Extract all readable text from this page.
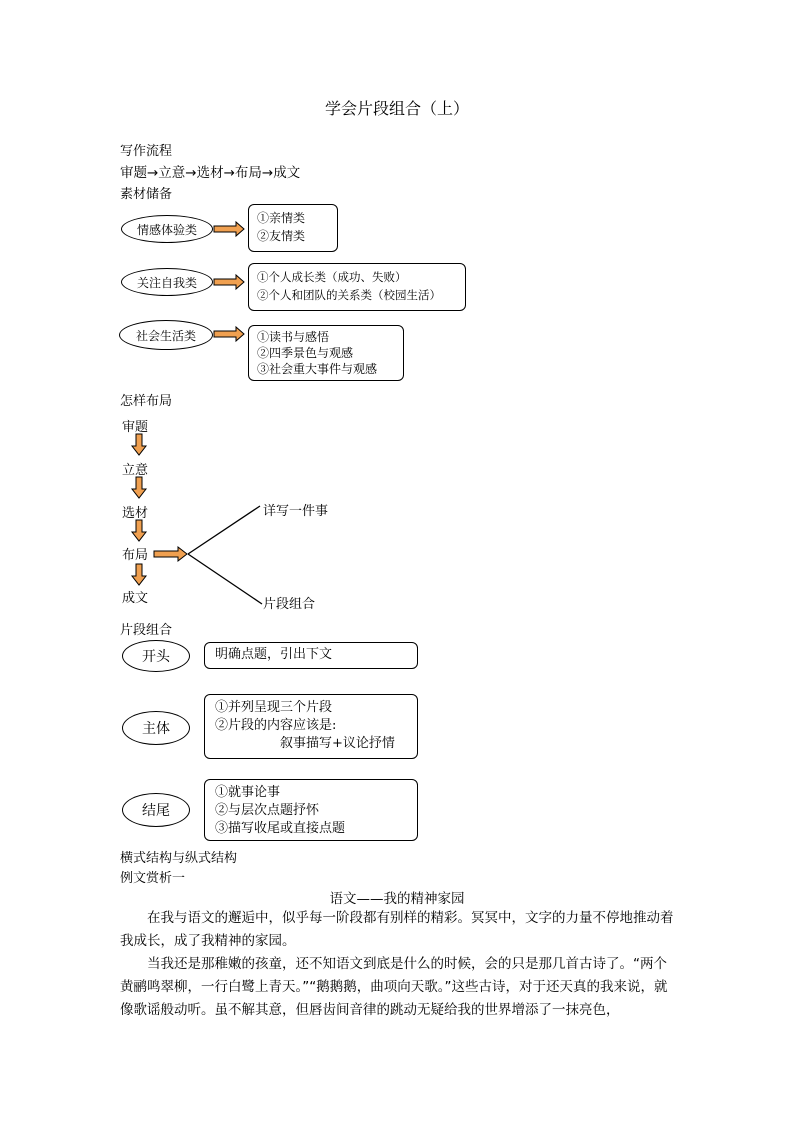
学会片段组合（上）
写作流程
审题→立意→选材→布局→成文
素材储备
情感体验类
①亲情类
②友情类
关注自我类	①个人成长类（成功、失败）
②个人和团队的关系类（校园生活）
社会生活类	①读书与感悟
②四季景色与观感
③社会重大事件与观感
怎样布局
审题
立意
选材
布局
成文
详写一件事
片段组合
片段组合
开头	明确点题，引出下文
主体
①并列呈现三个片段
②片段的内容应该是:
叙事描写+议论抒情
结尾
①就事论事
②与层次点题抒怀
③描写收尾或直接点题
横式结构与纵式结构
例文赏析一
语文——我的精神家园
在我与语文的邂逅中，似乎每一阶段都有别样的精彩。冥冥中，文字的力量不停地推动着我成长，成了我精神的家园。
当我还是那稚嫩的孩童，还不知语文到底是什么的时候，会的只是那几首古诗了。“两个黄鹂鸣翠柳，一行白鹭上青天。”“鹅鹅鹅，曲项向天歌。”这些古诗，对于还天真的我来说，就像歌谣般动听。虽不解其意，但唇齿间音律的跳动无疑给我的世界增添了一抹亮色，
